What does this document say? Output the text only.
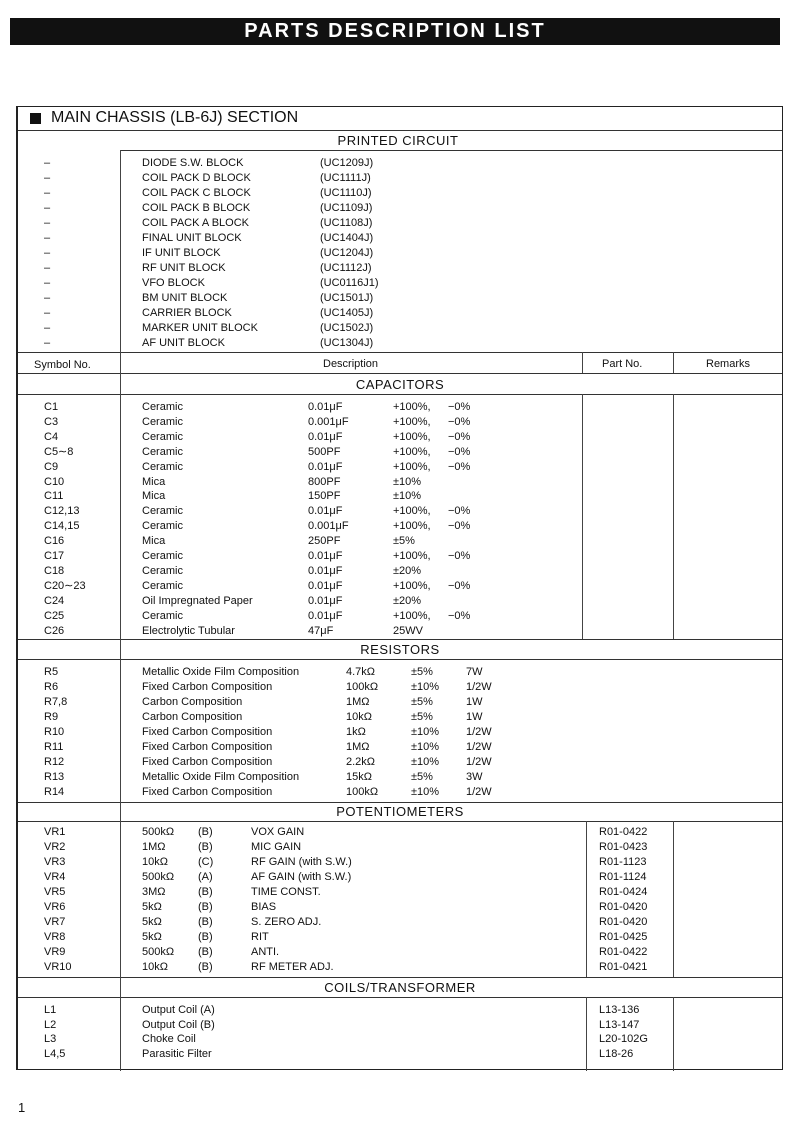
PARTS DESCRIPTION LIST
MAIN CHASSIS (LB-6J) SECTION
PRINTED CIRCUIT
–	DIODE S.W. BLOCK	(UC1209J)
–	COIL PACK D BLOCK	(UC1111J)
–	COIL PACK C BLOCK	(UC1110J)
–	COIL PACK B BLOCK	(UC1109J)
–	COIL PACK A BLOCK	(UC1108J)
–	FINAL UNIT BLOCK	(UC1404J)
–	IF UNIT BLOCK	(UC1204J)
–	RF UNIT BLOCK	(UC1112J)
–	VFO BLOCK	(UC0116J1)
–	BM UNIT BLOCK	(UC1501J)
–	CARRIER BLOCK	(UC1405J)
–	MARKER UNIT BLOCK	(UC1502J)
–	AF UNIT BLOCK	(UC1304J)
Symbol No.	Description	Part No.	Remarks
CAPACITORS
C1	Ceramic	0.01μF	+100%, −0%
C3	Ceramic	0.001μF	+100%, −0%
C4	Ceramic	0.01μF	+100%, −0%
C5∼8	Ceramic	500PF	+100%, −0%
C9	Ceramic	0.01μF	+100%, −0%
C10	Mica	800PF	±10%
C11	Mica	150PF	±10%
C12,13	Ceramic	0.01μF	+100%, −0%
C14,15	Ceramic	0.001μF	+100%, −0%
C16	Mica	250PF	±5%
C17	Ceramic	0.01μF	+100%, −0%
C18	Ceramic	0.01μF	±20%
C20∼23	Ceramic	0.01μF	+100%, −0%
C24	Oil Impregnated Paper	0.01μF	±20%
C25	Ceramic	0.01μF	+100%, −0%
C26	Electrolytic Tubular	47μF	25WV
RESISTORS
R5	Metallic Oxide Film Composition	4.7kΩ	±5%	7W
R6	Fixed Carbon Composition	100kΩ	±10% 1/2W
R7,8	Carbon Composition	1MΩ	±5%	1W
R9	Carbon Composition	10kΩ	±5%	1W
R10	Fixed Carbon Composition	1kΩ	±10% 1/2W
R11	Fixed Carbon Composition	1MΩ	±10% 1/2W
R12	Fixed Carbon Composition	2.2kΩ	±10% 1/2W
R13	Metallic Oxide Film Composition	15kΩ	±5%	3W
R14	Fixed Carbon Composition	100kΩ	±10% 1/2W
POTENTIOMETERS
VR1	500kΩ (B)	VOX GAIN	R01-0422
VR2	1MΩ	(B)	MIC GAIN	R01-0423
VR3	10kΩ	(C)	RF GAIN (with S.W.)	R01-1123
VR4	500kΩ (A)	AF GAIN (with S.W.)	R01-1124
VR5	3MΩ	(B)	TIME CONST.	R01-0424
VR6	5kΩ	(B)	BIAS	R01-0420
VR7	5kΩ	(B)	S. ZERO ADJ.	R01-0420
VR8	5kΩ	(B)	RIT	R01-0425
VR9	500kΩ (B)	ANTI.	R01-0422
VR10	10kΩ	(B)	RF METER ADJ.	R01-0421
COILS/TRANSFORMER
L1	Output Coil (A)	L13-136
L2	Output Coil (B)	L13-147
L3	Choke Coil	L20-102G
L4,5	Parasitic Filter	L18-26
1
